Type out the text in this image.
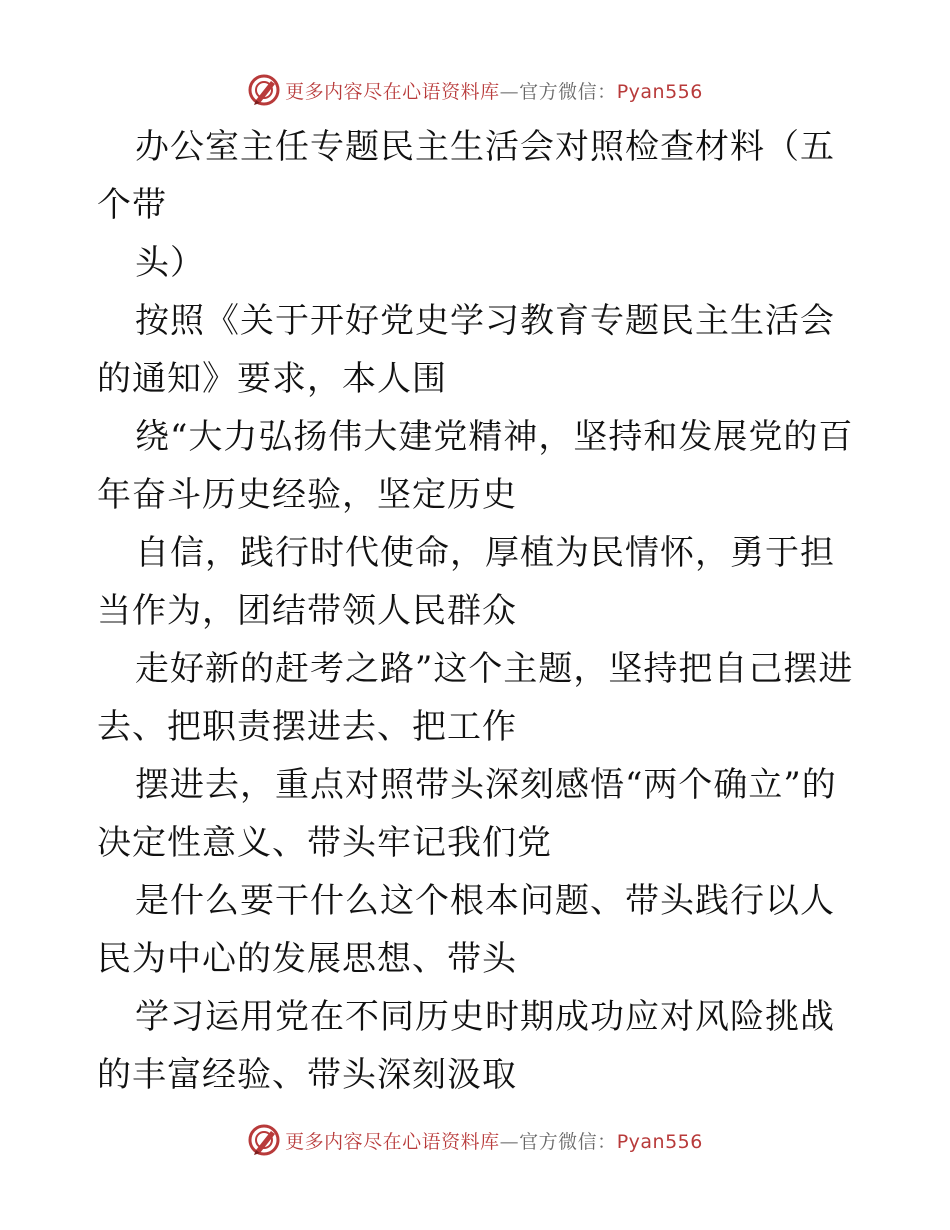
更多内容尽在心语资料库—官方微信：Pyan556

办公室主任专题民主生活会对照检查材料（五个带

头）

按照《关于开好党史学习教育专题民主生活会的通知》要求，本人围

绕“大力弘扬伟大建党精神，坚持和发展党的百年奋斗历史经验，坚定历史

自信，践行时代使命，厚植为民情怀，勇于担当作为，团结带领人民群众

走好新的赶考之路”这个主题，坚持把自己摆进去、把职责摆进去、把工作

摆进去，重点对照带头深刻感悟“两个确立”的决定性意义、带头牢记我们党

是什么要干什么这个根本问题、带头践行以人民为中心的发展思想、带头

学习运用党在不同历史时期成功应对风险挑战的丰富经验、带头深刻汲取

更多内容尽在心语资料库—官方微信：Pyan556
